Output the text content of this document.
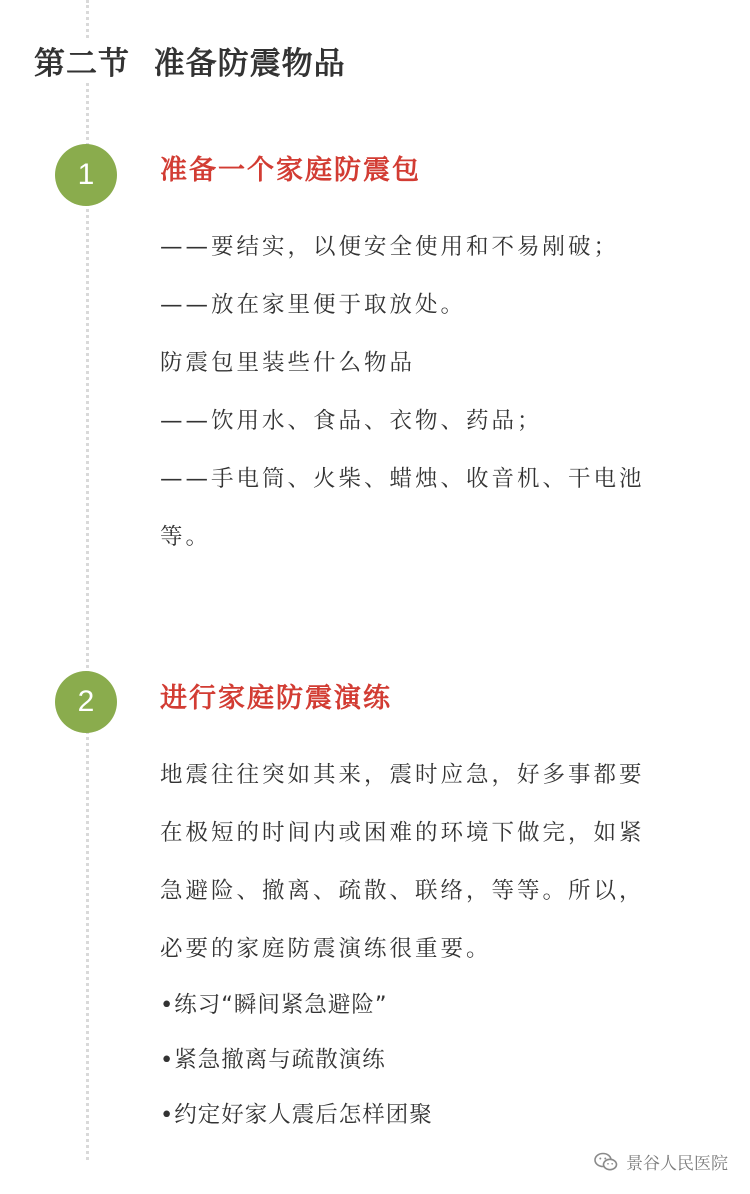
第二节  准备防震物品
1	准备一个家庭防震包
——要结实，以便安全使用和不易剐破；
——放在家里便于取放处。
防震包里装些什么物品
——饮用水、食品、衣物、药品；
——手电筒、火柴、蜡烛、收音机、干电池
等。
2	进行家庭防震演练
地震往往突如其来，震时应急，好多事都要
在极短的时间内或困难的环境下做完，如紧
急避险、撤离、疏散、联络，等等。所以，
必要的家庭防震演练很重要。
•练习“瞬间紧急避险”
•紧急撤离与疏散演练
•约定好家人震后怎样团聚
景谷人民医院
